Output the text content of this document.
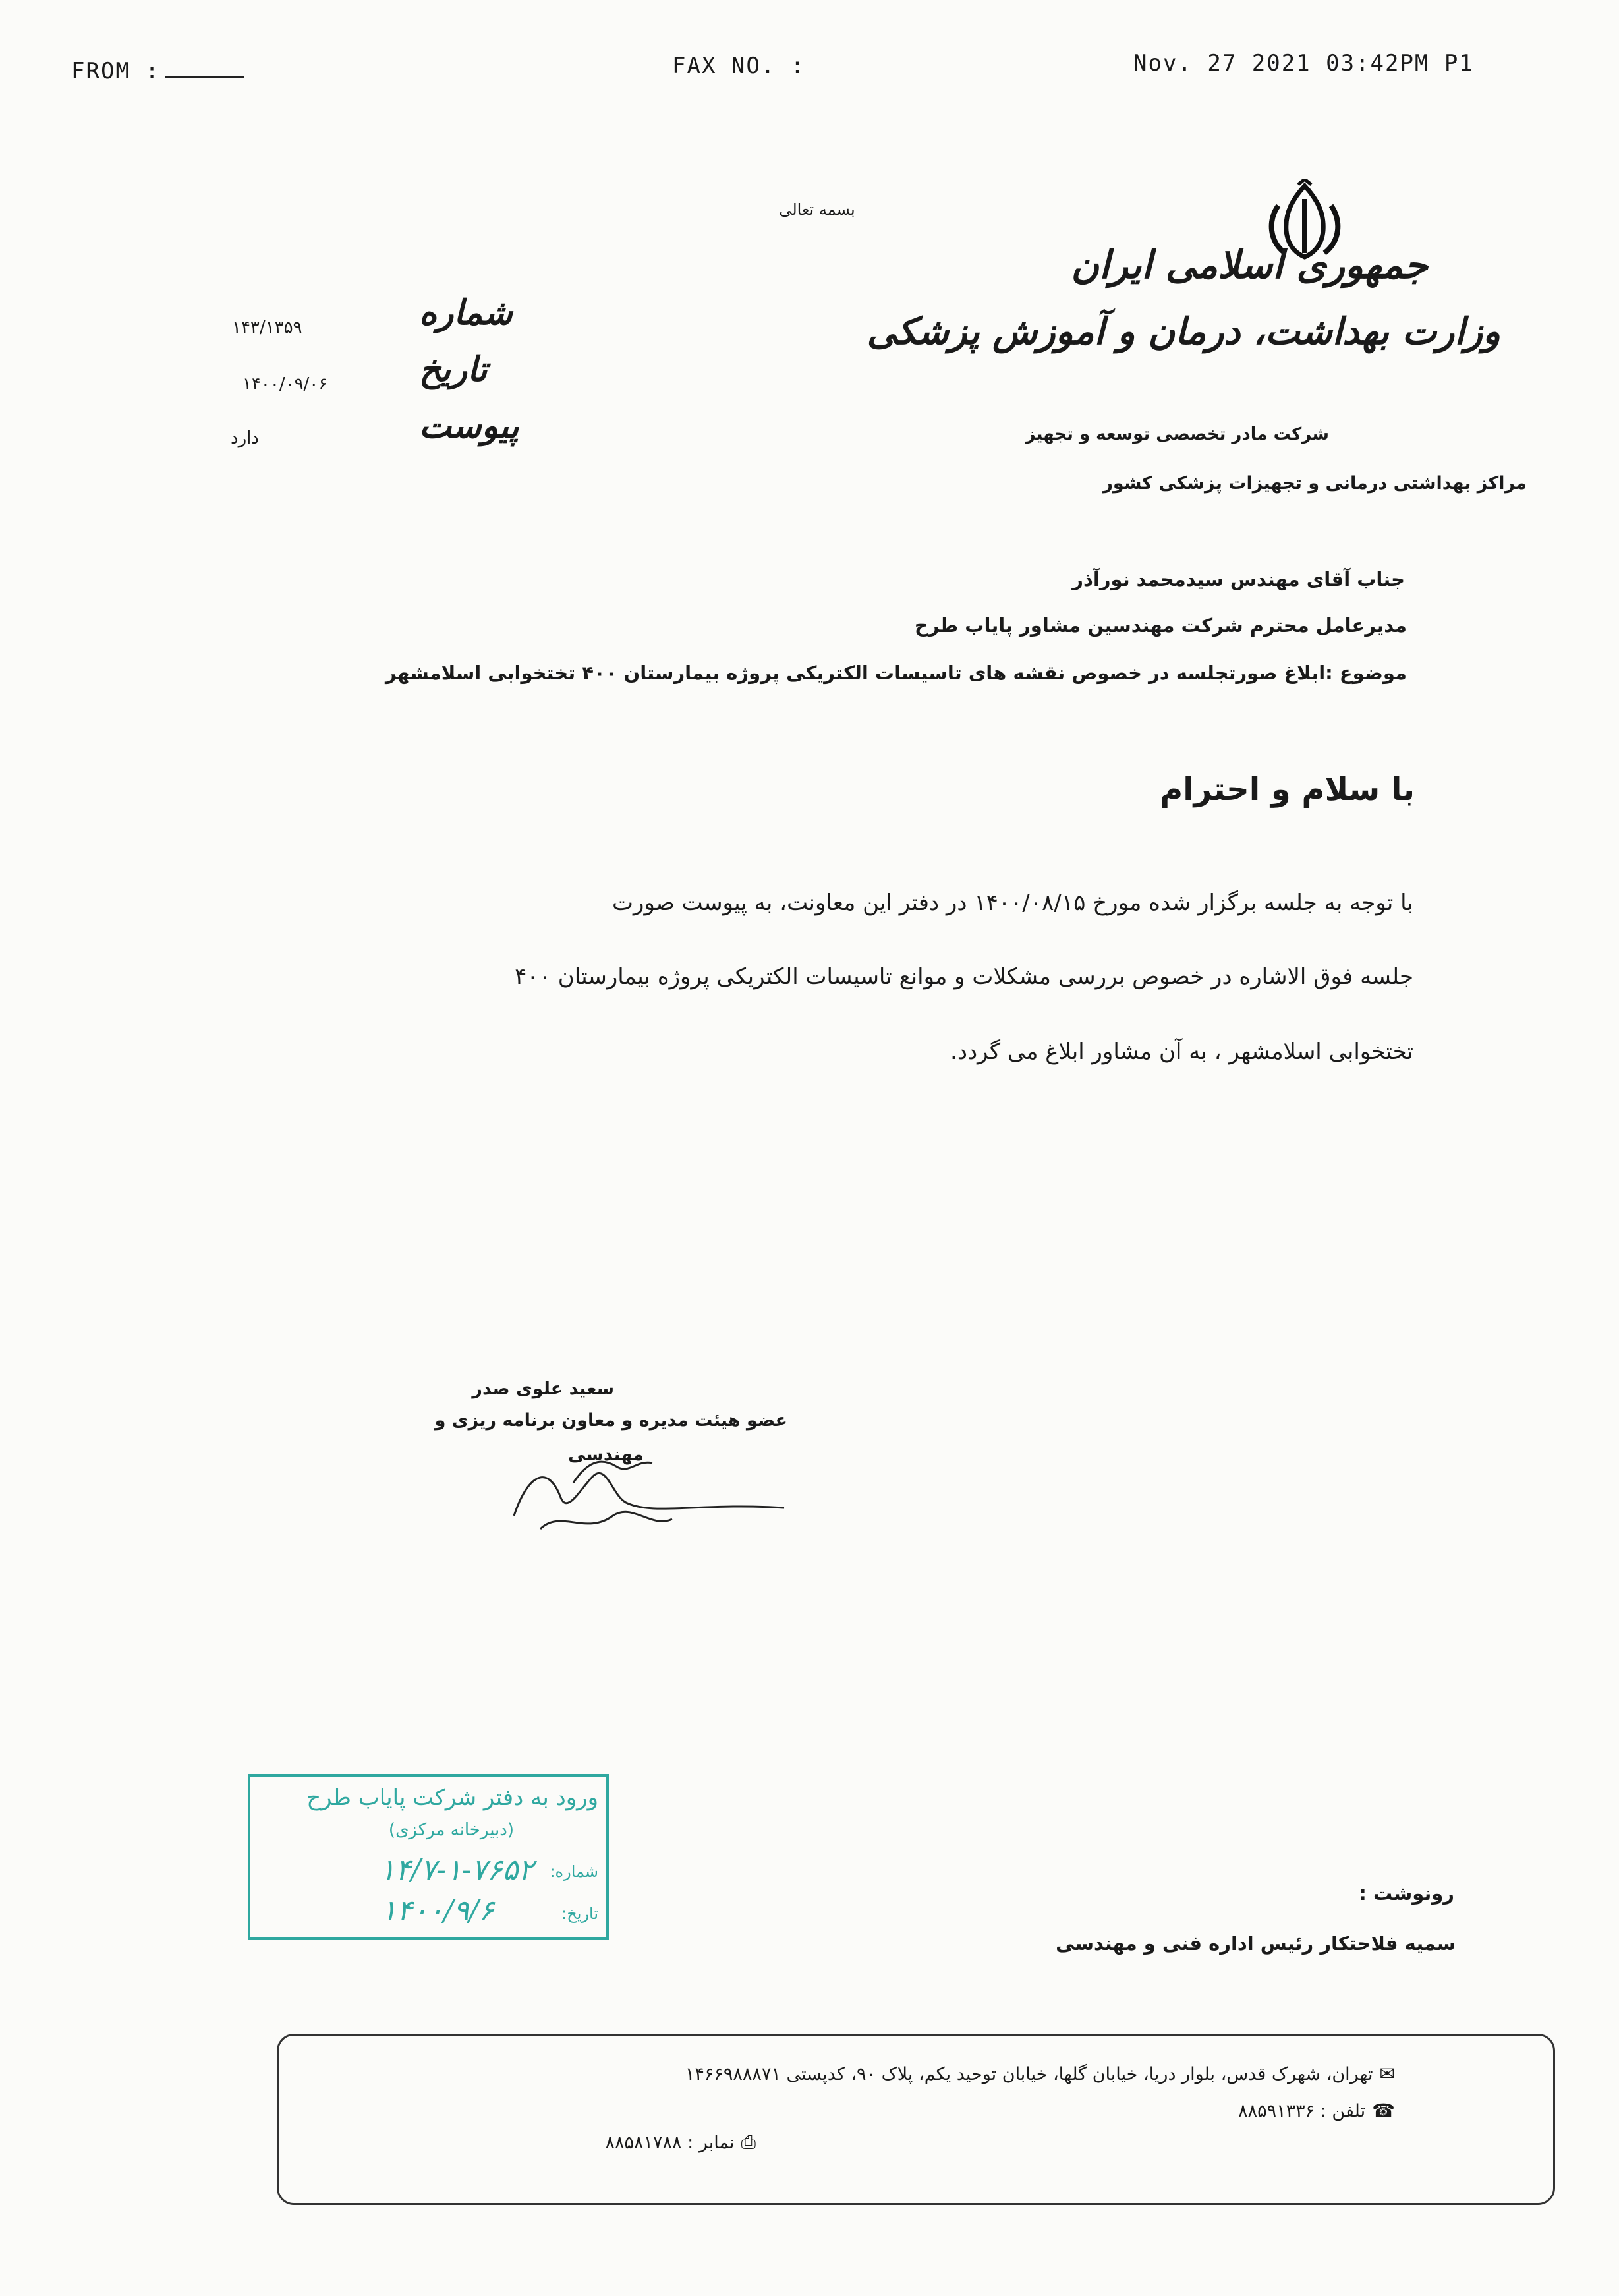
FROM :	FAX NO. :	Nov. 27 2021 03:42PM P1
بسمه تعالی
جمهوری اسلامی ایران
وزارت بهداشت، درمان و آموزش پزشکی
شرکت مادر تخصصی توسعه و تجهیز
مراکز بهداشتی درمانی و تجهیزات پزشکی کشور
شماره
۱۴۳/۱۳۵۹
تاریخ
۱۴۰۰/۰۹/۰۶
پیوست
دارد
جناب آقای مهندس سیدمحمد نورآذر
مدیرعامل محترم شرکت مهندسین مشاور پایاب طرح
موضوع :ابلاغ صورتجلسه در خصوص نقشه های تاسیسات الکتریکی پروژه بیمارستان ۴۰۰ تختخوابی اسلامشهر
با سلام و احترام
با توجه به جلسه برگزار شده مورخ ۱۴۰۰/۰۸/۱۵ در دفتر این معاونت، به پیوست صورت
جلسه فوق الاشاره در خصوص بررسی مشکلات و موانع تاسیسات الکتریکی پروژه بیمارستان ۴۰۰
تختخوابی اسلامشهر ، به آن مشاور ابلاغ می گردد.
سعید علوی صدر
عضو هیئت مدیره و معاون برنامه ریزی و
مهندسی
ورود به دفتر شرکت پایاب طرح
(دبیرخانه مرکزی)
شماره:
۱۴/۷-۱-۷۶۵۲
تاریخ:
۱۴۰۰/۹/۶
رونوشت :
سمیه فلاحتکار رئیس اداره فنی و مهندسی
✉تهران، شهرک قدس، بلوار دریا، خیابان گلها، خیابان توحید یکم، پلاک ۹۰، کدپستی ۱۴۶۶۹۸۸۸۷۱
☎تلفن : ۸۸۵۹۱۳۳۶
⎙نمابر : ۸۸۵۸۱۷۸۸
